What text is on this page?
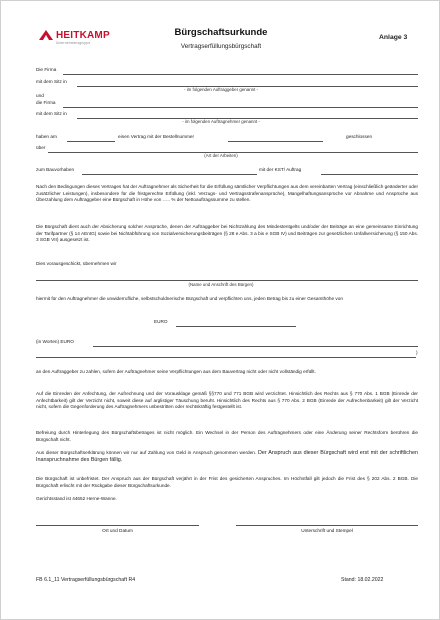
HEITKAMP
Unternehmensgruppe
Bürgschaftsurkunde
Vertragserfüllungsbürgschaft
Anlage 3
Die Firma
mit dem Sitz in
- im folgenden Auftraggeber genannt -
und
die Firma
mit dem Sitz in
- im folgenden Auftragnehmer genannt -
haben am	einen Vertrag mit der Bestellnummer	geschlossen
über
(Art der Arbeiten)
zum Bauvorhaben	mit der KST/ Auftrag
Nach den Bedingungen dieses Vertrages hat der Auftragnehmer als Sicherheit für die Erfüllung sämtlicher Verpflichtungen aus dem vereinbarten Vertrag (einschließlich geänderter oder zusätzlicher Leistungen), insbesondere für die fristgerechte Erfüllung (inkl. Verzugs- und Vertragsstrafenansprüche), Mangelhaftungsansprüche vor Abnahme und Ansprüche aus Überzahlung dem Auftraggeber eine Bürgschaft in Höhe von ….. % der Nettoauftragssumme zu stellen.
Die Bürgschaft dient auch der Absicherung solcher Ansprüche, denen der Auftraggeber bei Nichtzahlung des Mindestentgelts und/oder der Beiträge an eine gemeinsame Einrichtung der Tarifpartner (§ 14 AEntG) sowie bei Nichtabführung von Sozialversicherungsbeiträgen (§ 28 e Abs. 3 a bis e SGB IV) und Beiträgen zur gesetzlichen Unfallversicherung (§ 150 Abs. 3 SGB VII) ausgesetzt ist.
Dies vorausgeschickt, übernehmen wir
(Name und Anschrift des Bürgen)
hiermit für den Auftragnehmer die unwiderrufliche, selbstschuldnerische Bürgschaft und verpflichten uns, jeden Betrag bis zu einer Gesamthöhe von
EURO
(in Worten) EURO
)
an den Auftraggeber zu zahlen, sofern der Auftragnehmer seine Verpflichtungen aus dem Bauvertrag nicht oder nicht vollständig erfüllt.
Auf die Einreden der Anfechtung, der Aufrechnung und der Vorausklage gemäß §§770 und 771 BGB wird verzichtet. Hinsichtlich des Rechts aus § 770 Abs. 1 BGB (Einrede der Anfechtbarkeit) gilt der Verzicht nicht, soweit diese auf arglistiger Täuschung beruht. Hinsichtlich des Rechts aus § 770 Abs. 2 BGB (Einrede der Aufrechenbarkeit) gilt der Verzicht nicht, sofern die Gegenforderung des Auftragnehmers unbestritten oder rechtskräftig festgestellt ist.
Befreiung durch Hinterlegung des Bürgschaftsbetrages ist nicht möglich. Ein Wechsel in der Person des Auftragnehmers oder eine Änderung seiner Rechtsform berühren die Bürgschaft nicht.
Aus dieser Bürgschaftserklärung können wir nur auf Zahlung von Geld in Anspruch genommen werden. Der Anspruch aus dieser Bürgschaft wird erst mit der schriftlichen Inanspruchnahme des Bürgen fällig.
Die Bürgschaft ist unbefristet. Der Anspruch aus der Bürgschaft verjährt in der Frist des gesicherten Anspruches. Im Höchstfall gilt jedoch die Frist des § 202 Abs. 2 BGB. Die Bürgschaft erlischt mit der Rückgabe dieser Bürgschaftsurkunde.
Gerichtsstand ist 44652 Herne-Wanne.
Ort und Datum	Unterschrift und Stempel
FB 6.1_11 Vertragserfüllungsbürgschaft R4	Stand: 18.02.2022
